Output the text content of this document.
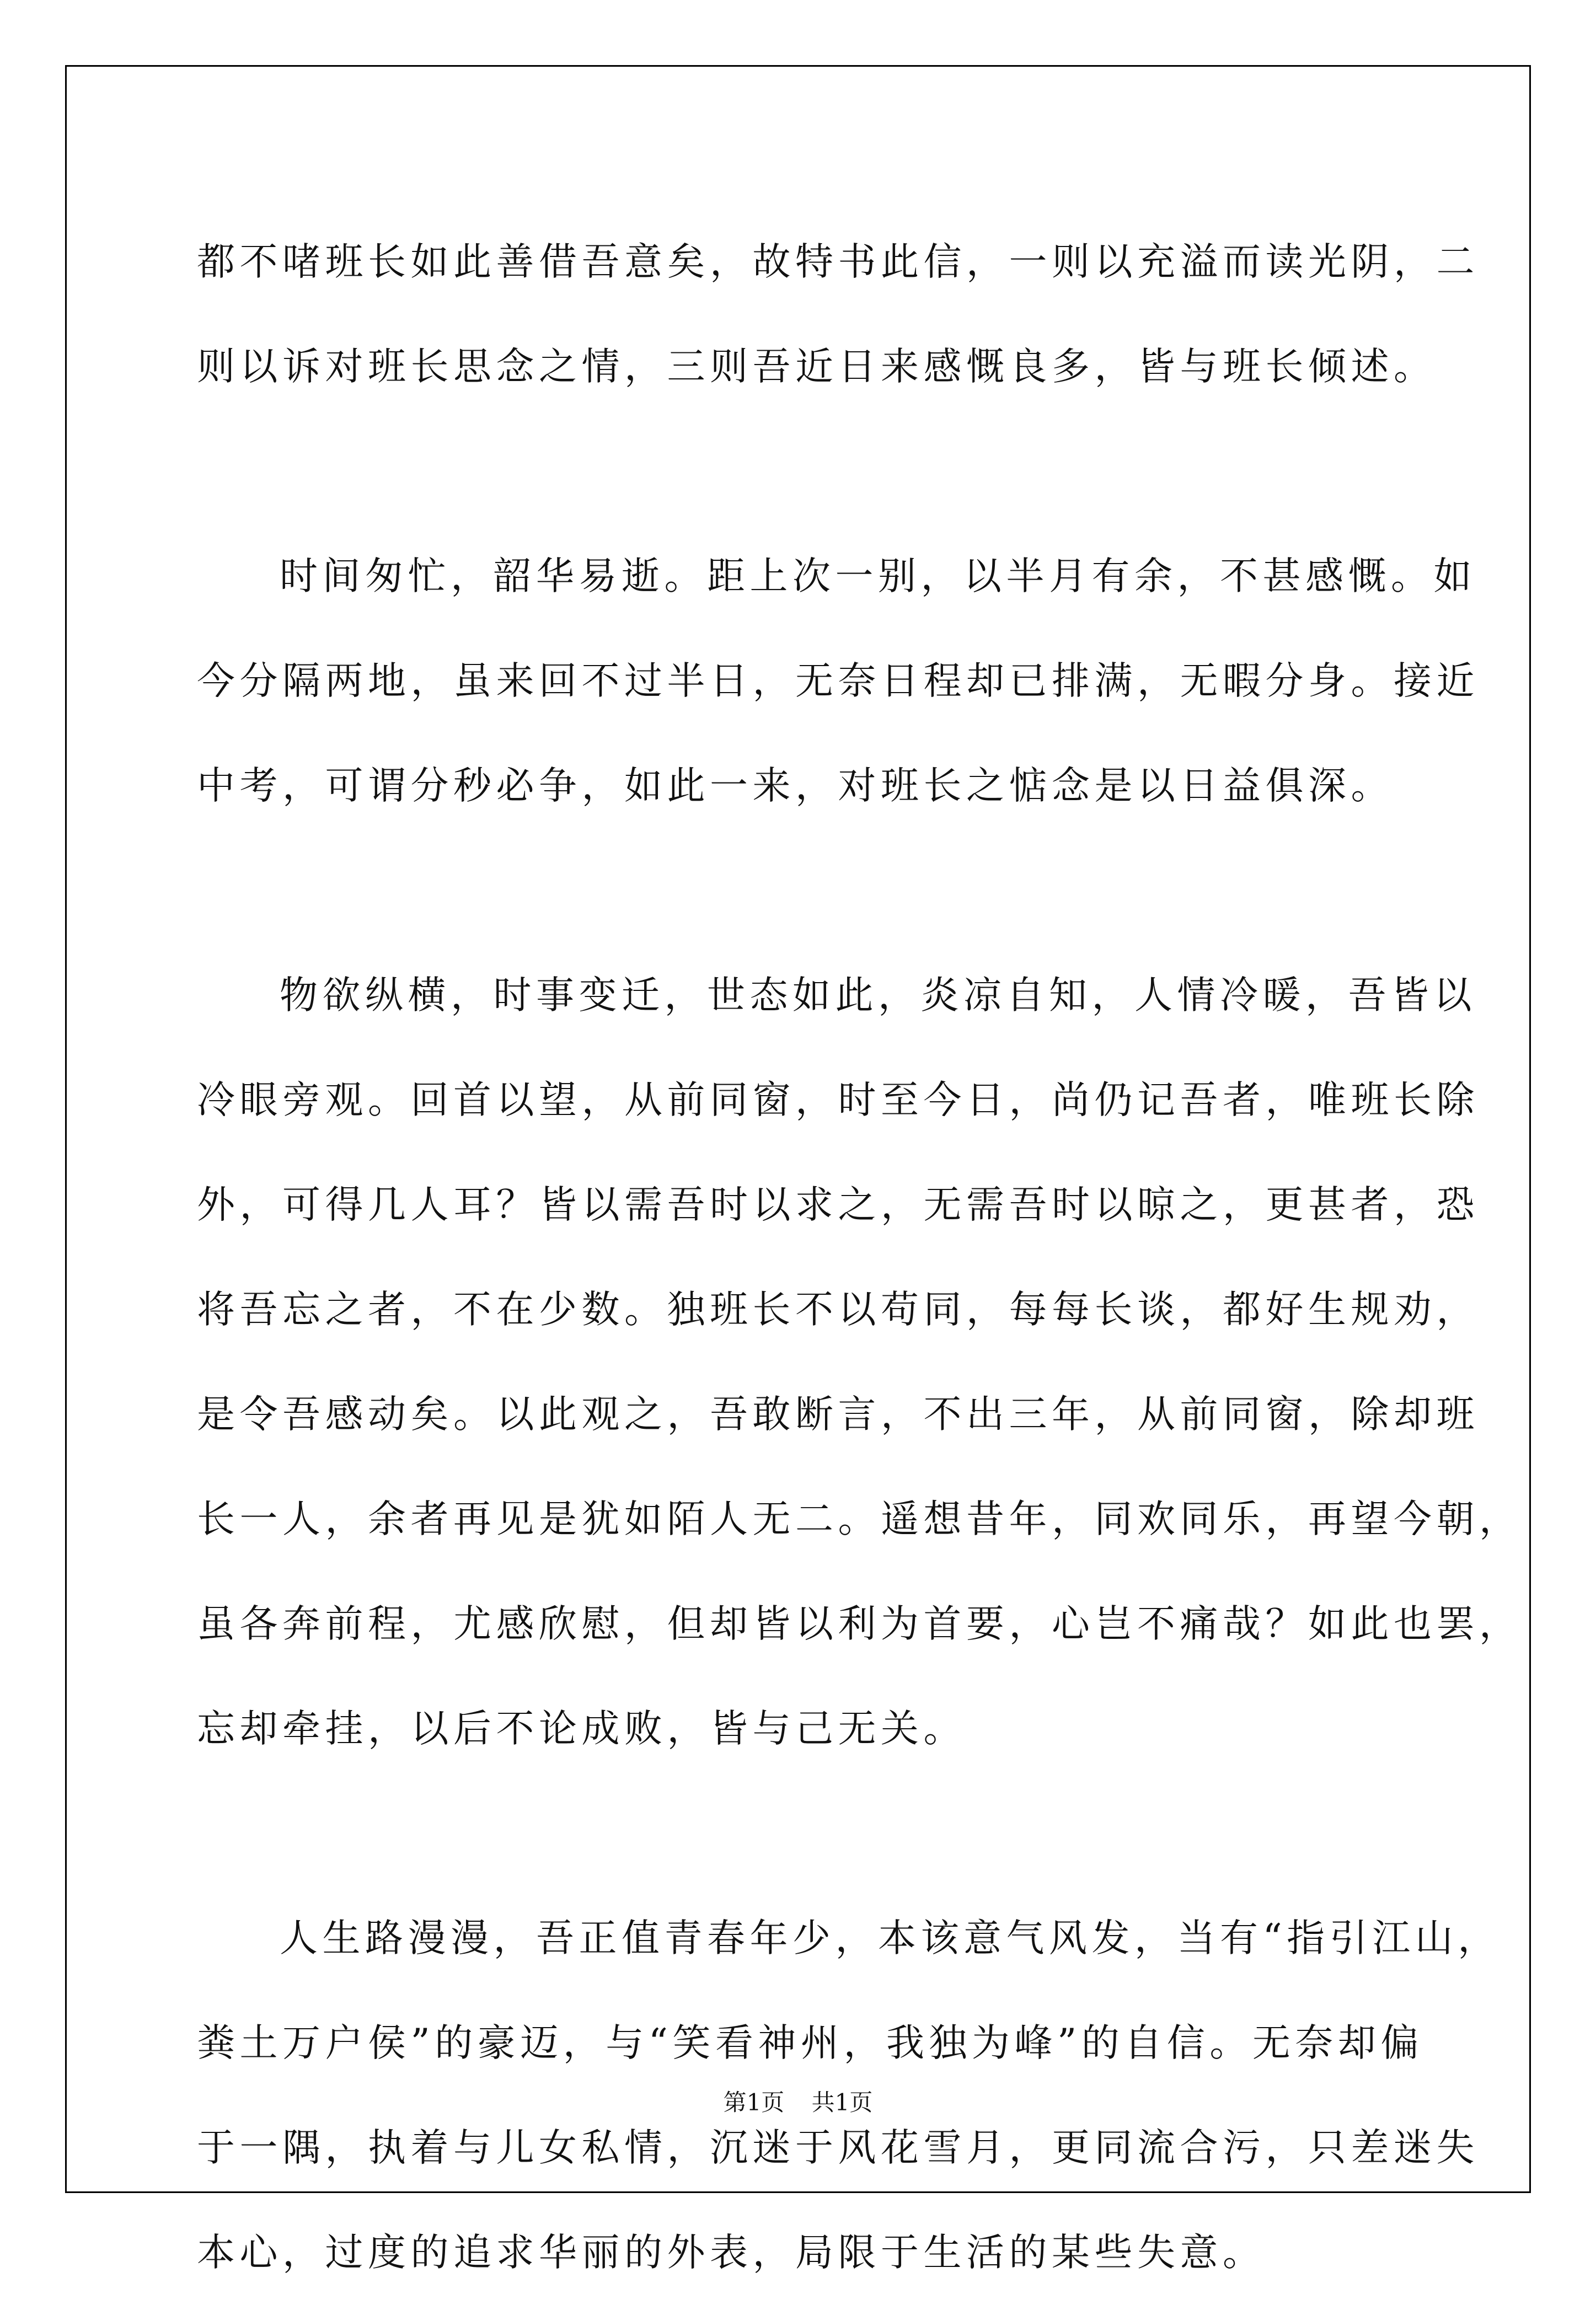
都不啫班长如此善借吾意矣，故特书此信，一则以充溢而读光阴，二
则以诉对班长思念之情，三则吾近日来感慨良多，皆与班长倾述。
时间匆忙，韶华易逝。距上次一别，以半月有余，不甚感慨。如
今分隔两地，虽来回不过半日，无奈日程却已排满，无暇分身。接近
中考，可谓分秒必争，如此一来，对班长之惦念是以日益俱深。
物欲纵横，时事变迁，世态如此，炎凉自知，人情冷暖，吾皆以
冷眼旁观。回首以望，从前同窗，时至今日，尚仍记吾者，唯班长除
外，可得几人耳？皆以需吾时以求之，无需吾时以晾之，更甚者，恐
将吾忘之者，不在少数。独班长不以苟同，每每长谈，都好生规劝，
是令吾感动矣。以此观之，吾敢断言，不出三年，从前同窗，除却班
长一人，余者再见是犹如陌人无二。遥想昔年，同欢同乐，再望今朝，
虽各奔前程，尤感欣慰，但却皆以利为首要，心岂不痛哉？如此也罢，
忘却牵挂，以后不论成败，皆与己无关。
人生路漫漫，吾正值青春年少，本该意气风发，当有“指引江山，
粪土万户侯”的豪迈，与“笑看神州，我独为峰”的自信。无奈却偏
于一隅，执着与儿女私情，沉迷于风花雪月，更同流合污，只差迷失
本心，过度的追求华丽的外表，局限于生活的某些失意。
第1页 共1页
